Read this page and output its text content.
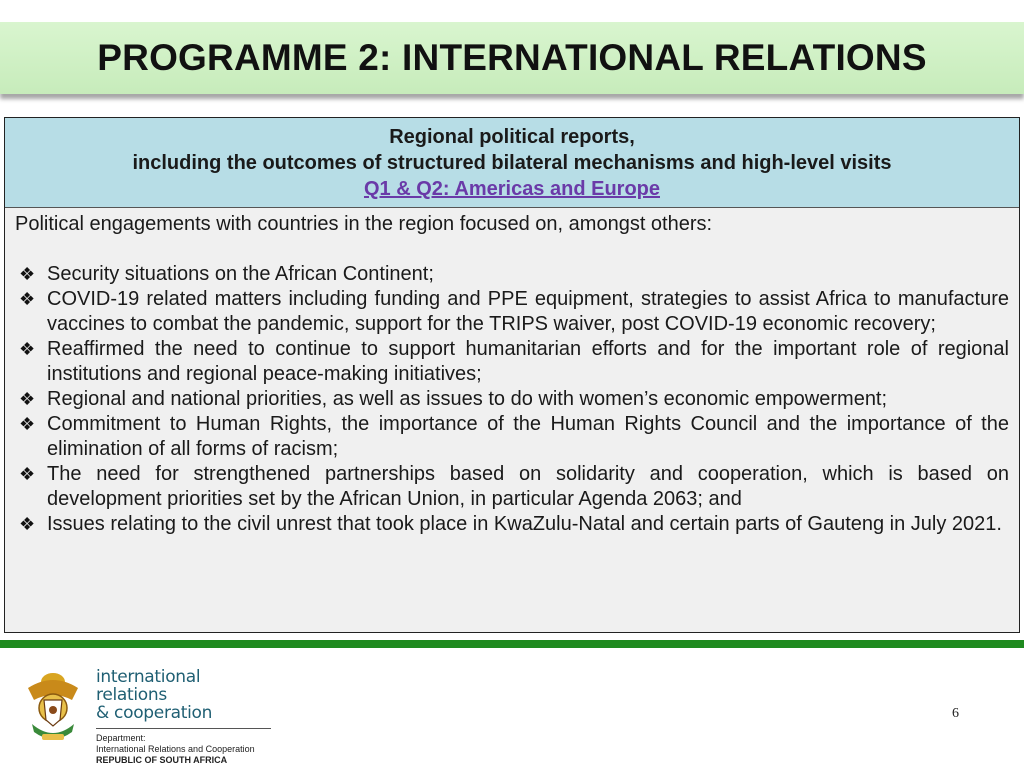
PROGRAMME 2: INTERNATIONAL RELATIONS
Regional political reports,
including the outcomes of structured bilateral mechanisms and high-level visits
Q1 & Q2: Americas and Europe

Political engagements with countries in the region focused on, amongst others:

❖ Security situations on the African Continent;
❖ COVID-19 related matters including funding and PPE equipment, strategies to assist Africa to manufacture vaccines to combat the pandemic, support for the TRIPS waiver, post COVID-19 economic recovery;
❖ Reaffirmed the need to continue to support humanitarian efforts and for the important role of regional institutions and regional peace-making initiatives;
❖ Regional and national priorities, as well as issues to do with women’s economic empowerment;
❖ Commitment to Human Rights, the importance of the Human Rights Council and the importance of the elimination of all forms of racism;
❖ The need for strengthened partnerships based on solidarity and cooperation, which is based on development priorities set by the African Union, in particular Agenda 2063; and
❖ Issues relating to the civil unrest that took place in KwaZulu-Natal and certain parts of Gauteng in July 2021.
international relations
& cooperation
Department:
International Relations and Cooperation
REPUBLIC OF SOUTH AFRICA
6
